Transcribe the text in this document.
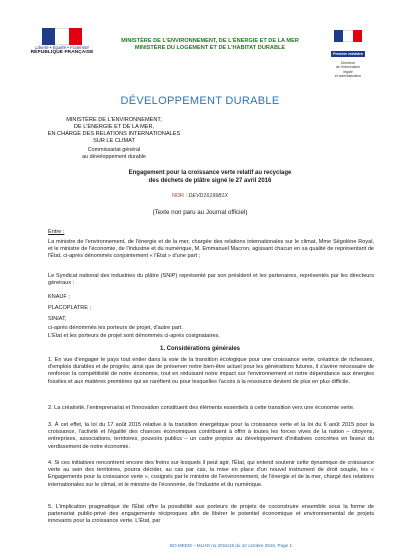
Liberté • Égalité • Fraternité
RÉPUBLIQUE FRANÇAISE
MINISTÈRE DE L'ENVIRONNEMENT, DE L'ÉNERGIE ET DE LA MER
MINISTÈRE DU LOGEMENT ET DE L'HABITAT DURABLE
Premier ministre
Direction
de l'information
légale
et administrative
DÉVELOPPEMENT DURABLE
MINISTÈRE DE L'ENVIRONNEMENT,
DE L'ÉNERGIE ET DE LA MER,
EN CHARGE DES RELATIONS INTERNATIONALES
SUR LE CLIMAT
Commissariat général
au développement durable
Engagement pour la croissance verte relatif au recyclage
des déchets de plâtre signé le 27 avril 2016
NOR : DEVD1619981X
(Texte non paru au Journal officiel)
Entre :
La ministre de l'environnement, de l'énergie et de la mer, chargée des relations internationales sur le climat, Mme Ségolène Royal, et le ministre de l'économie, de l'industrie et du numérique, M. Emmanuel Macron, agissant chacun en sa qualité de représentant de l'État, ci-après dénommés conjointement « l'État » d'une part ;
Le Syndicat national des industries du plâtre (SNIP) représenté par son président et les partenaires, représentés par les directeurs généraux :
KNAUF ;
PLACOPLATRE ;
SINIAT,
ci-après dénommés les porteurs de projet, d'autre part.
L'État et les porteurs de projet sont dénommés ci-après cosignataires.
1. Considérations générales
1. En vue d'engager le pays tout entier dans la voie de la transition écologique pour une croissance verte, créatrice de richesses, d'emplois durables et de progrès; ainsi que de préserver notre bien-être actuel pour les générations futures, il s'avère nécessaire de renforcer la compétitivité de notre économie, tout en réduisant notre impact sur l'environnement et notre dépendance aux énergies fossiles et aux matières premières qui se raréfient ou pour lesquelles l'accès à la ressource devient de plus en plus difficile.
2. La créativité, l'entreprenariat et l'innovation constituent des éléments essentiels à cette transition vers une économie verte.
3. À cet effet, la loi du 17 août 2015 relative à la transition énergétique pour la croissance verte et la loi du 6 août 2015 pour la croissance, l'activité et l'égalité des chances économiques contribuent à offrir à toutes les forces vives de la nation – citoyens, entreprises, associations, territoires, pouvoirs publics – un cadre propice au développement d'initiatives concrètes en faveur du verdissement de notre économie.
4. Si ces initiatives rencontrent encore des freins sur lesquels il peut agir, l'État, qui entend soutenir cette dynamique de croissance verte au sein des territoires, pourra décider, au cas par cas, la mise en place d'un nouvel instrument de droit souple, les « Engagements pour la croissance verte », cosignés par le ministre de l'environnement, de l'énergie et de la mer, chargé des relations internationales sur le climat, et le ministre de l'économie, de l'industrie et du numérique.
5. L'implication pragmatique de l'État offre la possibilité aux porteurs de projets de coconstruire ensemble sous la forme de partenariat public-privé des engagements réciproques afin de libérer le potentiel économique et environnemental de projets innovants pour la croissance verte. L'État, par
BO MEEM – MLHD no 2016/18 du 10 octobre 2016, Page 1
